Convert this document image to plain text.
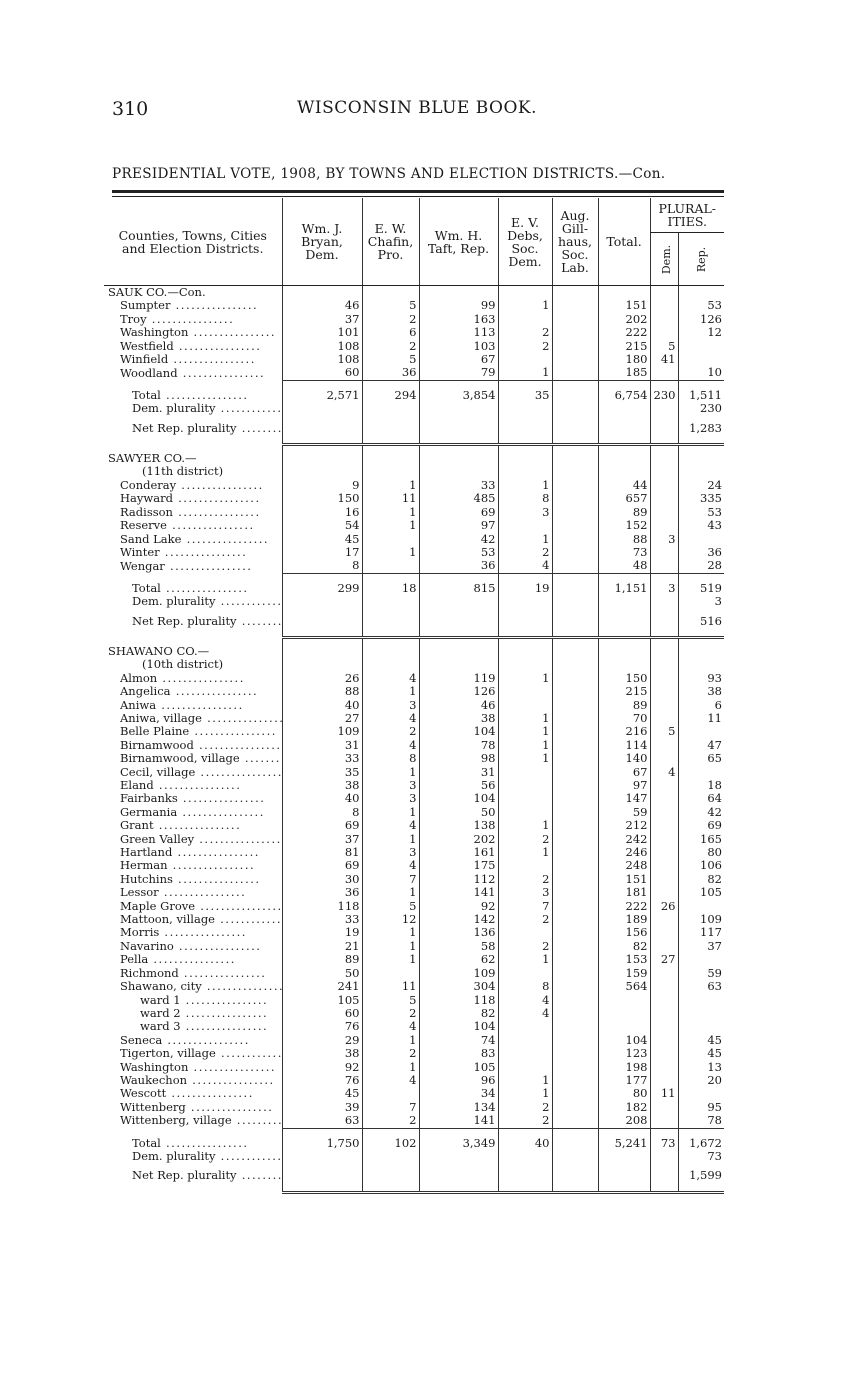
310	WISCONSIN BLUE BOOK.
PRESIDENTIAL VOTE, 1908, BY TOWNS AND ELECTION DISTRICTS.—Con.
Counties, Towns, Cities and Election Districts.	Wm. J. Bryan, Dem.	E. W. Chafin, Pro.	Wm. H. Taft, Rep.	E. V. Debs, Soc. Dem.	Aug. Gill-haus, Soc. Lab.	Total.	PLURAL-ITIES.	
							Dem.	Rep.
SAUK CO.—Con.								
Sumpter .....	46	5	99	1		151		53
Troy .....	37	2	163			202		126
Washington .....	101	6	113	2		222		12
Westfield .....	108	2	103	2		215	5	
Winfield .....	108	5	67			180	41	
Woodland .....	60	36	79	1		185		10

Total .....	2,571	294	3,854	35		6,754	230	1,511
Dem. plurality .....								230

Net Rep. plurality .....								1,283

SAWYER CO.—								
(11th district)								
Conderay .....	9	1	33	1		44		24
Hayward .....	150	11	485	8		657		335
Radisson .....	16	1	69	3		89		53
Reserve .....	54	1	97			152		43
Sand Lake .....	45		42	1		88	3	
Winter .....	17	1	53	2		73		36
Wengar .....	8		36	4		48		28

Total .....	299	18	815	19		1,151	3	519
Dem. plurality .....								3

Net Rep. plurality .....								516

SHAWANO CO.—								
(10th district)								
Almon .....	26	4	119	1		150		93
Angelica .....	88	1	126			215		38
Aniwa .....	40	3	46			89		6
Aniwa, village .....	27	4	38	1		70		11
Belle Plaine .....	109	2	104	1		216	5	
Birnamwood .....	31	4	78	1		114		47
Birnamwood, village .....	33	8	98	1		140		65
Cecil, village .....	35	1	31			67	4	
Eland .....	38	3	56			97		18
Fairbanks .....	40	3	104			147		64
Germania .....	8	1	50			59		42
Grant .....	69	4	138	1		212		69
Green Valley .....	37	1	202	2		242		165
Hartland .....	81	3	161	1		246		80
Herman .....	69	4	175			248		106
Hutchins .....	30	7	112	2		151		82
Lessor .....	36	1	141	3		181		105
Maple Grove .....	118	5	92	7		222	26	
Mattoon, village .....	33	12	142	2		189		109
Morris .....	19	1	136			156		117
Navarino .....	21	1	58	2		82		37
Pella .....	89	1	62	1		153	27	
Richmond .....	50		109			159		59
Shawano, city .....	241	11	304	8		564		63
ward 1 .....	105	5	118	4				
ward 2 .....	60	2	82	4				
ward 3 .....	76	4	104					
Seneca .....	29	1	74			104		45
Tigerton, village .....	38	2	83			123		45
Washington .....	92	1	105			198		13
Waukechon .....	76	4	96	1		177		20
Wescott .....	45		34	1		80	11	
Wittenberg .....	39	7	134	2		182		95
Wittenberg, village .....	63	2	141	2		208		78

Total .....	1,750	102	3,349	40		5,241	73	1,672
Dem. plurality .....								73

Net Rep. plurality .....								1,599
